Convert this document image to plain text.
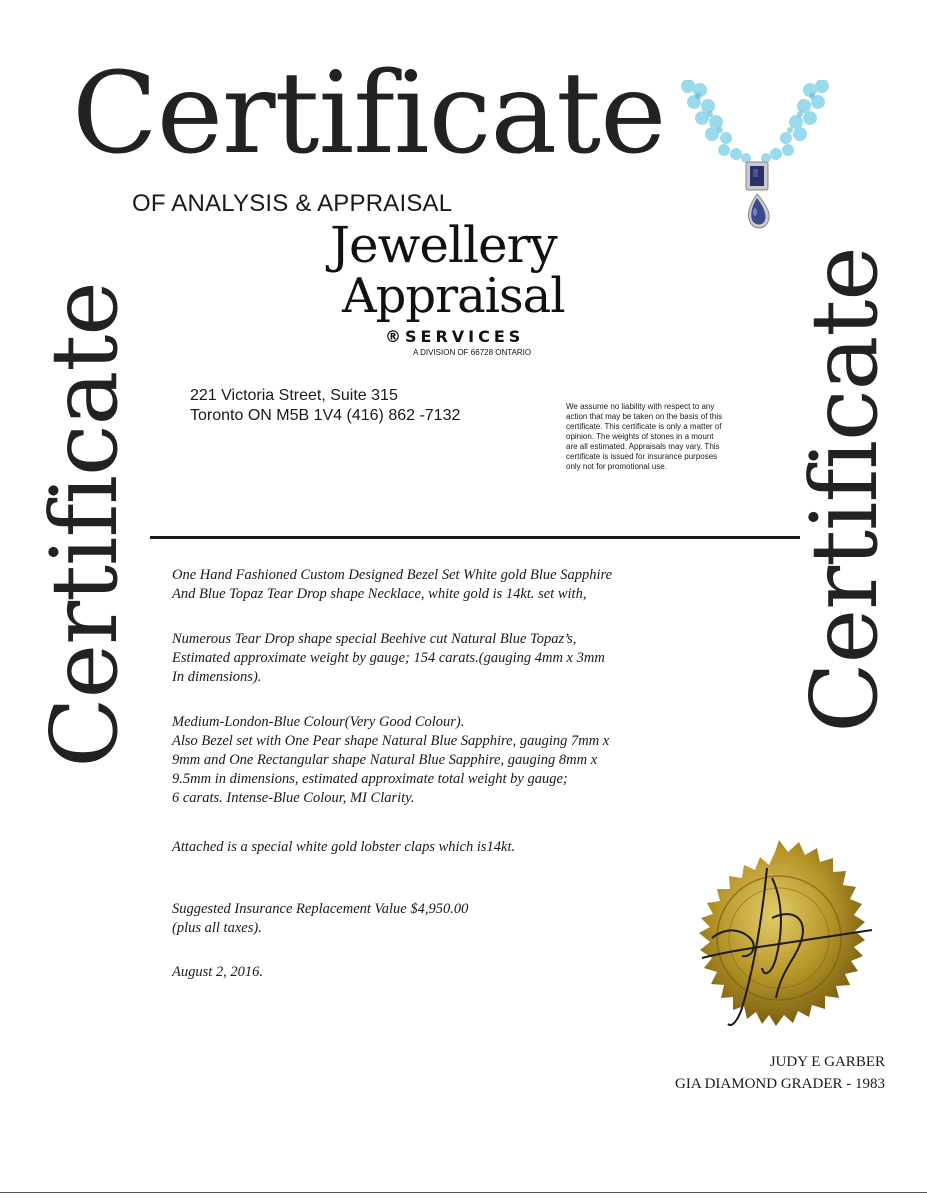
Certificate
OF ANALYSIS & APPRAISAL
Jewellery
Appraisal
®SERVICES
A DIVISION OF 66728 ONTARIO
221 Victoria Street, Suite 315
Toronto ON M5B 1V4 (416) 862 -7132
We assume no liability with respect to any
action that may be taken on the basis of this
certificate. This certificate is only a matter of
opinion. The weights of stones in a mount
are all estimated. Appraisals may vary. This
certificate is issued for insurance purposes
only not for promotional use.
Certificate	Certificate
One Hand Fashioned Custom Designed Bezel Set White gold Blue Sapphire
And Blue Topaz Tear Drop shape Necklace, white gold is 14kt. set with,
Numerous Tear Drop shape special Beehive cut Natural Blue Topaz’s,
Estimated approximate weight by gauge; 154 carats.(gauging 4mm x 3mm
In dimensions).
Medium-London-Blue Colour(Very Good Colour).
Also Bezel set with One Pear shape Natural Blue Sapphire, gauging 7mm x
9mm and One Rectangular shape Natural Blue Sapphire, gauging 8mm x
9.5mm in dimensions, estimated approximate total weight by gauge;
6 carats. Intense-Blue Colour, MI Clarity.
Attached is a special white gold lobster claps which is14kt.
Suggested Insurance Replacement Value $4,950.00
(plus all taxes).
August 2, 2016.
JUDY E GARBER
GIA DIAMOND GRADER - 1983
